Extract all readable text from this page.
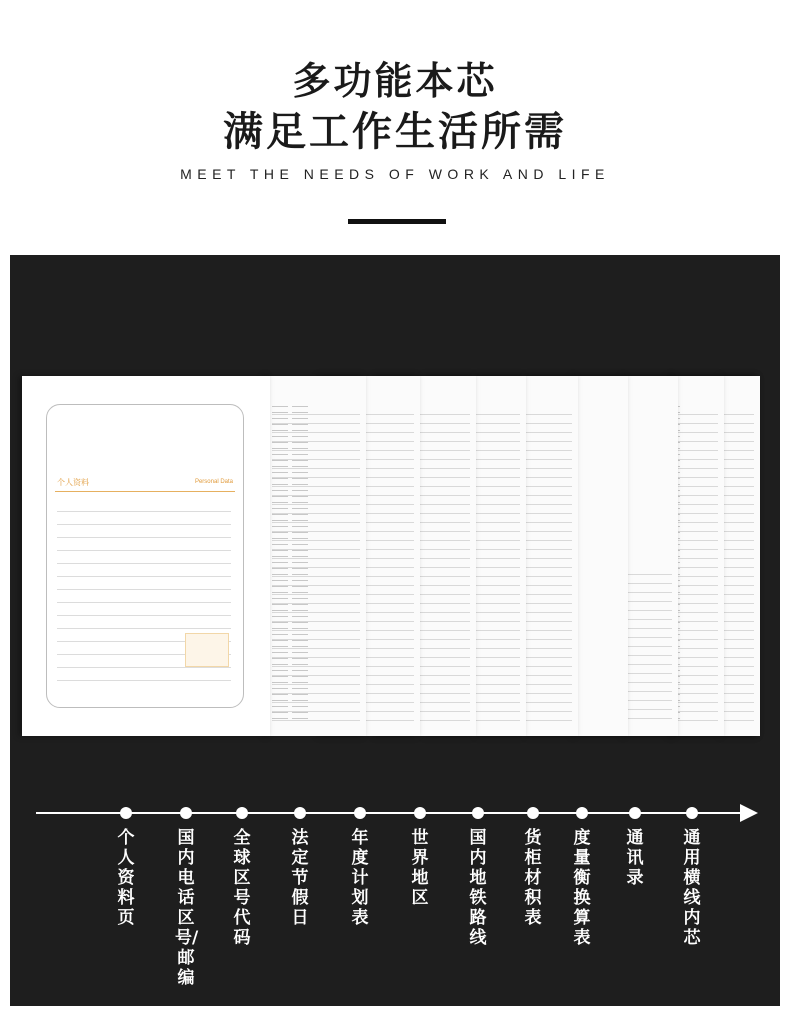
多功能本芯
满足工作生活所需
MEET THE NEEDS OF WORK AND LIFE
个人资料	Personal Data
个人资料页
国内电话区号/邮编
全球区号代码
法定节假日
年度计划表
世界地区
国内地铁路线
货柜材积表
度量衡换算表
通讯录
通用横线内芯
